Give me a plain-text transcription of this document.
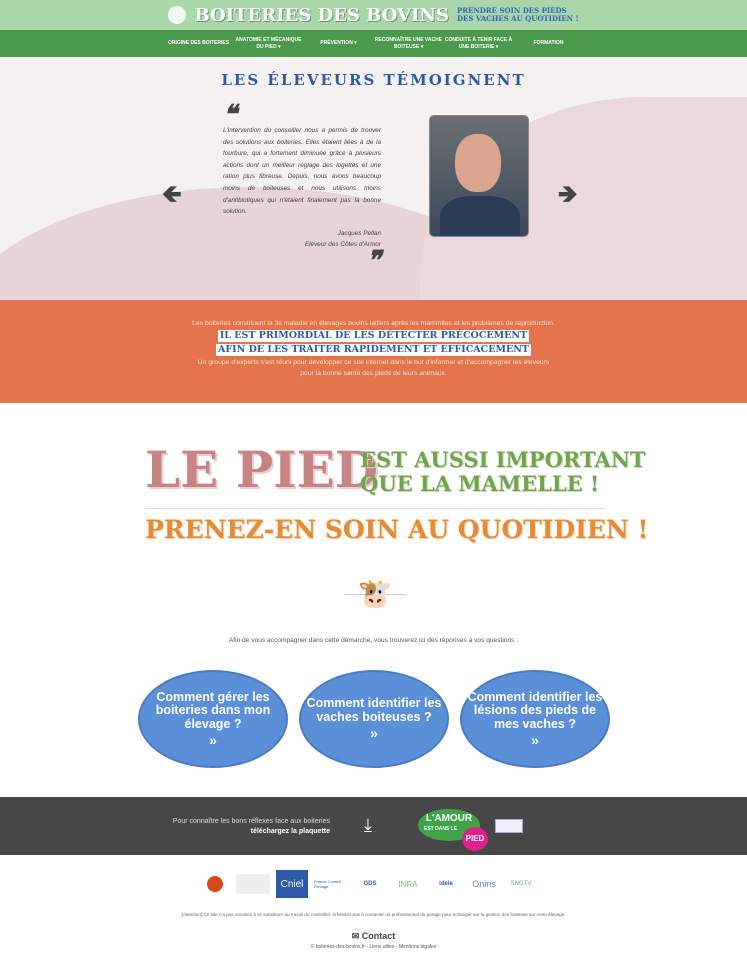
BOITERIES DES BOVINS PRENDRE SOIN DES PIEDS
DES VACHES AU QUOTIDIEN !
ORIGINE DES BOITERIES
ANATOMIE ET MÉCANIQUE DU PIED ▾
PRÉVENTION ▾
RECONNAÎTRE UNE VACHE BOITEUSE ▾
CONDUITE À TENIR FACE À UNE BOITERIE ▾
FORMATION
LES ÉLEVEURS TÉMOIGNENT
🡸	🡺
❝

L'intervention du conseiller nous a permis de trouver des solutions aux boiteries. Elles étaient liées à de la fourbure, qui a fortement diminuée grâce à plusieurs actions dont un meilleur réglage des logettes et une ration plus fibreuse. Depuis, nous avons beaucoup moins de boiteuses et nous utilisons moins d'antibiotiques qui n'étaient finalement pas la bonne solution.

Jacques Pellan
Eleveur des Côtes d'Armor
❞

Les boiteries constituent la 3e maladie en élevages bovins laitiers après les mammites et les problèmes de reproduction.

IL EST PRIMORDIAL DE LES DÉTECTER PRÉCOCEMENT
AFIN DE LES TRAITER RAPIDEMENT ET EFFICACEMENT

Un groupe d'experts s'est réuni pour développer ce site internet dans le but d'informer et d'accompagner les éleveurs

pour la bonne santé des pieds de leurs animaux.

LE PIED
EST AUSSI IMPORTANT
QUE LA MAMELLE !
PRENEZ-EN SOIN AU QUOTIDIEN !
🐮
Afin de vous accompagner dans cette démarche, vous trouverez ici des réponses à vos questions :
Comment gérer les boiteries dans mon élevage ?
»
Comment identifier les vaches boiteuses ?
»
Comment identifier les lésions des pieds de mes vaches ?
»
Pour connaître les bons réflexes face aux boiteries
téléchargez la plaquette ⤓	L'AMOUR
EST DANS LE
PIED
Cniel	France Conseil Élevage	GDS	INRA	idele	Oniris	SNGTV
[Attention] Ce site n'a pas vocation à se substituer au travail du conseiller. N'hésitez pas à contacter un professionnel du parage pour échanger sur la gestion des boiteries sur votre élevage.
✉ Contact
© boiteries-des-bovins.fr - Liens utiles - Mentions légales
